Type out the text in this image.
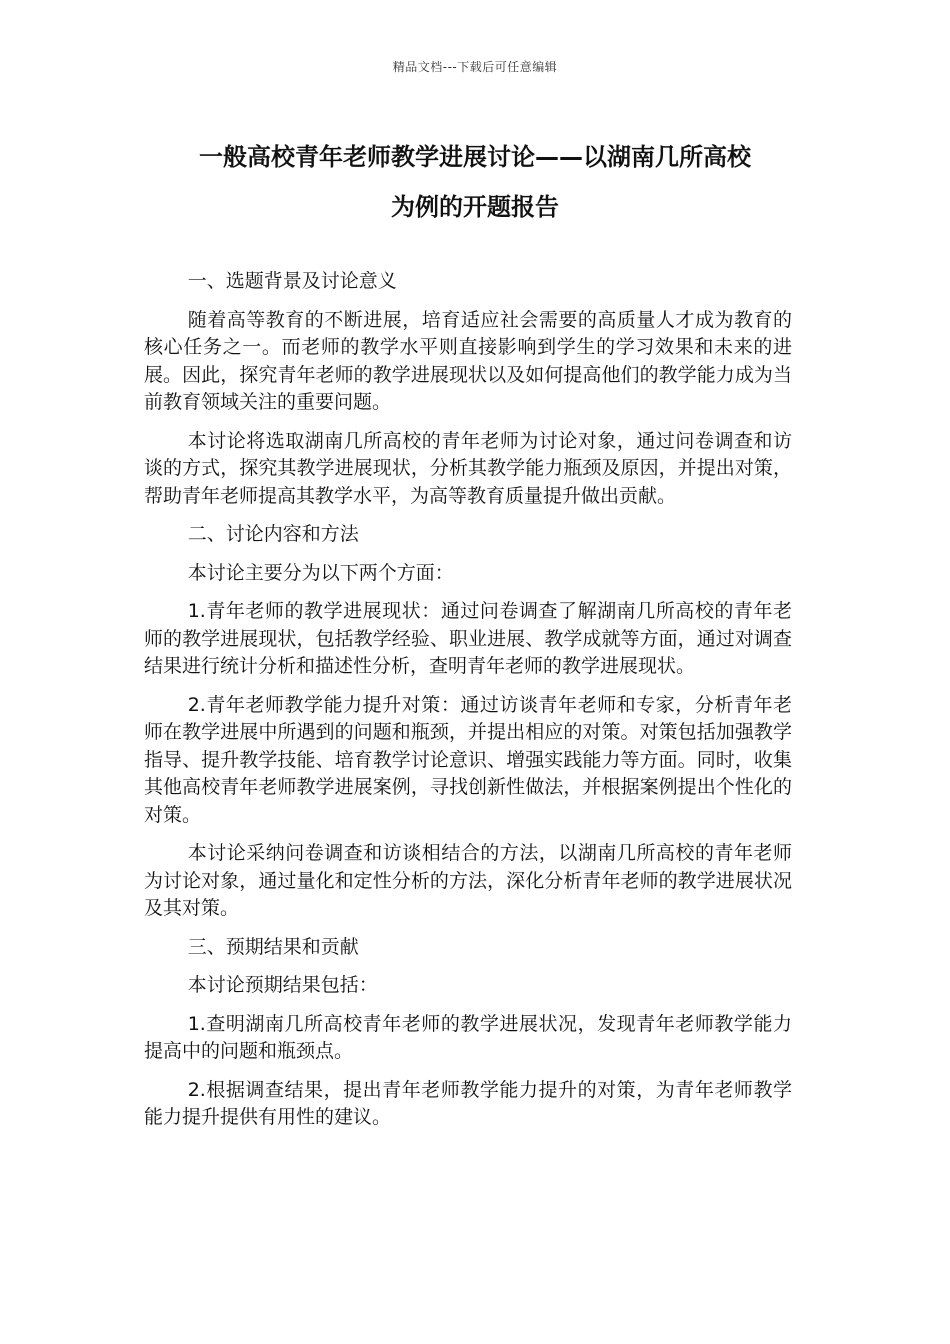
精品文档---下载后可任意编辑
一般高校青年老师教学进展讨论——以湖南几所高校
为例的开题报告

一、选题背景及讨论意义

随着高等教育的不断进展，培育适应社会需要的高质量人才成为教育的核心任务之一。而老师的教学水平则直接影响到学生的学习效果和未来的进展。因此，探究青年老师的教学进展现状以及如何提高他们的教学能力成为当前教育领域关注的重要问题。

本讨论将选取湖南几所高校的青年老师为讨论对象，通过问卷调查和访谈的方式，探究其教学进展现状，分析其教学能力瓶颈及原因，并提出对策，帮助青年老师提高其教学水平，为高等教育质量提升做出贡献。

二、讨论内容和方法

本讨论主要分为以下两个方面：

1.青年老师的教学进展现状：通过问卷调查了解湖南几所高校的青年老师的教学进展现状，包括教学经验、职业进展、教学成就等方面，通过对调查结果进行统计分析和描述性分析，查明青年老师的教学进展现状。

2.青年老师教学能力提升对策：通过访谈青年老师和专家，分析青年老师在教学进展中所遇到的问题和瓶颈，并提出相应的对策。对策包括加强教学指导、提升教学技能、培育教学讨论意识、增强实践能力等方面。同时，收集其他高校青年老师教学进展案例，寻找创新性做法，并根据案例提出个性化的对策。

本讨论采纳问卷调查和访谈相结合的方法，以湖南几所高校的青年老师为讨论对象，通过量化和定性分析的方法，深化分析青年老师的教学进展状况及其对策。

三、预期结果和贡献

本讨论预期结果包括：

1.查明湖南几所高校青年老师的教学进展状况，发现青年老师教学能力提高中的问题和瓶颈点。

2.根据调查结果，提出青年老师教学能力提升的对策，为青年老师教学能力提升提供有用性的建议。
